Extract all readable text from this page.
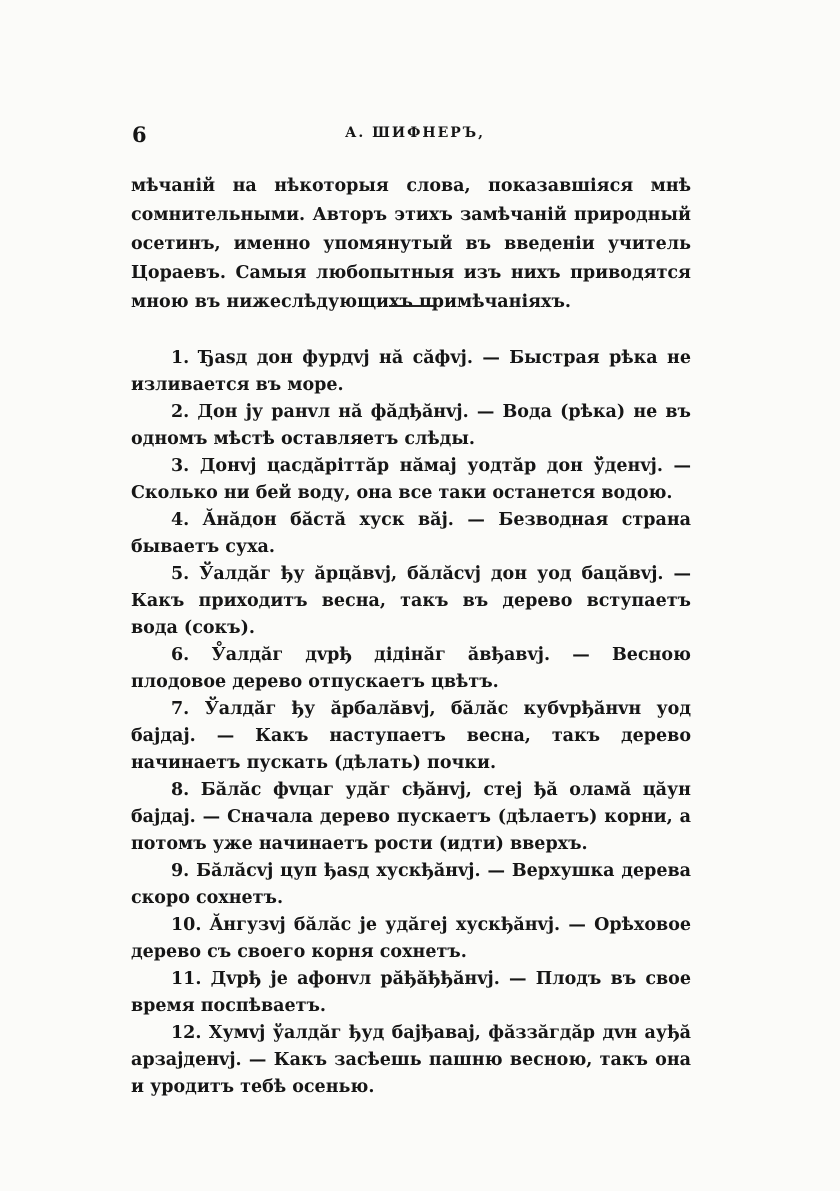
6	А. ШИФНЕРЪ,

мѣчаній на нѣкоторыя слова, показавшіяся мнѣ сомнительными. Авторъ этихъ замѣчаній природный осетинъ, именно упомянутый въ введеніи учитель Цораевъ. Самыя любопытныя изъ нихъ приводятся мною въ нижеслѣдующихъ примѣчаніяхъ.

1. Ђаѕд дон фурдvј нă сăфvј. — Быстрая рѣка не изливается въ море.

2. Дон ју ранvл нă фăдђăнvј. — Вода (рѣка) не въ одномъ мѣстѣ оставляетъ слѣды.

3. Донvј цасдăрiттăр нăмај уодтăр дон ў̆денvј. — Сколько ни бей воду, она все таки останется водою.

4. Ăнăдон бăстă хуск вăј. — Безводная страна бываетъ суха.

5. Ўалдăг ђу ăрцăвvј, бăлăсvј дон уод бацăвvј. — Какъ приходитъ весна, такъ въ дерево вступаетъ вода (сокъ).

6. У̊алдăг дvрђ дiдiнăг ăвђавvј. — Весною плодовое дерево отпускаетъ цвѣтъ.

7. Ўалдăг ђу ăрбалăвvј, бăлăс кубvрђăнvн уод бајдај. — Какъ наступаетъ весна, такъ дерево начинаетъ пускать (дѣлать) почки.

8. Бăлăс фvцаг удăг сђăнvј, стеј ђă оламă цăун бајдај. — Сначала дерево пускаетъ (дѣлаетъ) корни, а потомъ уже начинаетъ рости (идти) вверхъ.

9. Бăлăсvј цуп ђаѕд хускђăнvј. — Верхушка дерева скоро сохнетъ.

10. Ăнгузvј бăлăс је удăгеј хускђăнvј. — Орѣховое дерево съ своего корня сохнетъ.

11. Дvрђ је афонvл рăђăђђăнvј. — Плодъ въ свое время поспѣваетъ.

12. Хумvј ўалдăг ђуд бајђавај, фăззăгдăр дvн ауђă арзајденvј. — Какъ засѣешь пашню весною, такъ она и уродитъ тебѣ осенью.
